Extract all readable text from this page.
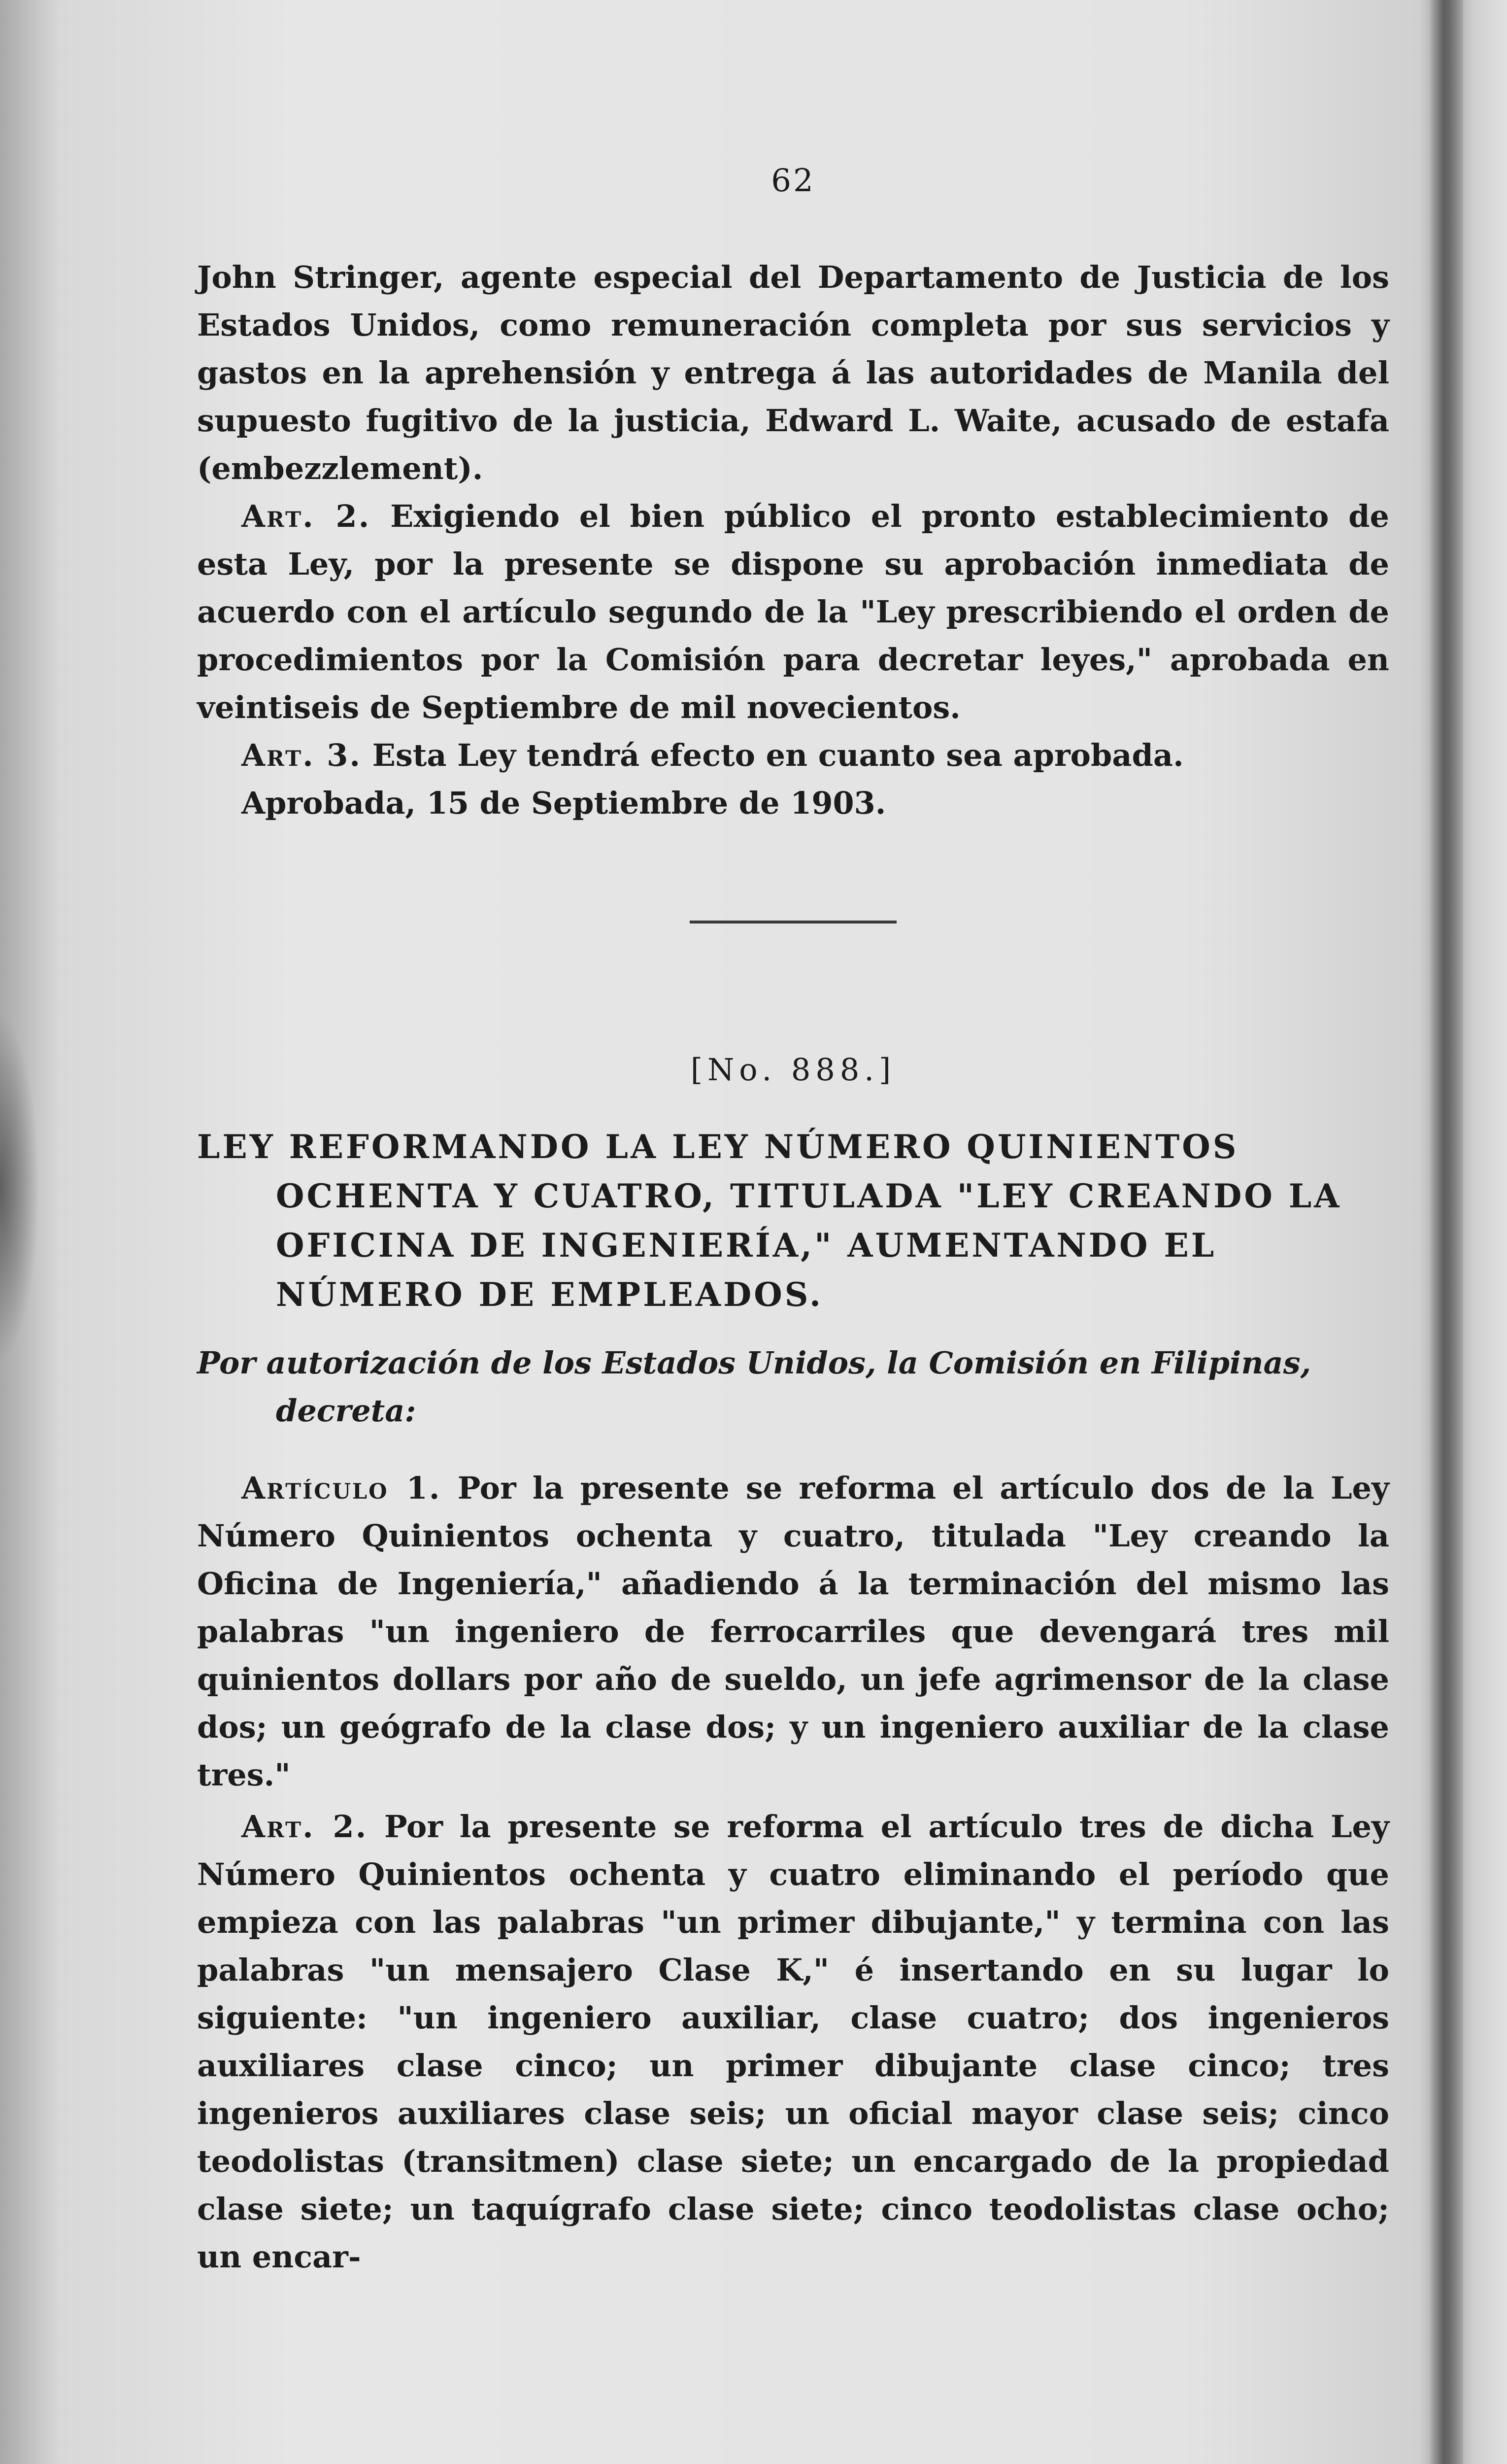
62

John Stringer, agente especial del Departamento de Justicia de los Estados Unidos, como remuneración completa por sus servicios y gastos en la aprehensión y entrega á las autoridades de Manila del supuesto fugitivo de la justicia, Edward L. Waite, acusado de estafa (embezzlement).

Art. 2. Exigiendo el bien público el pronto establecimiento de esta Ley, por la presente se dispone su aprobación inmediata de acuerdo con el artículo segundo de la "Ley prescribiendo el orden de procedimientos por la Comisión para decretar leyes," aprobada en veintiseis de Septiembre de mil novecientos.

Art. 3. Esta Ley tendrá efecto en cuanto sea aprobada.

Aprobada, 15 de Septiembre de 1903.

[No. 888.]
LEY REFORMANDO LA LEY NÚMERO QUINIENTOS
OCHENTA Y CUATRO, TITULADA "LEY CREANDO LA OFICINA DE INGENIERÍA," AUMENTANDO EL NÚMERO DE EMPLEADOS.
Por autorización de los Estados Unidos, la Comisión en Filipinas,
decreta:

Artículo 1. Por la presente se reforma el artículo dos de la Ley Número Quinientos ochenta y cuatro, titulada "Ley creando la Oficina de Ingeniería," añadiendo á la terminación del mismo las palabras "un ingeniero de ferrocarriles que devengará tres mil quinientos dollars por año de sueldo, un jefe agrimensor de la clase dos; un geógrafo de la clase dos; y un ingeniero auxiliar de la clase tres."

Art. 2. Por la presente se reforma el artículo tres de dicha Ley Número Quinientos ochenta y cuatro eliminando el período que empieza con las palabras "un primer dibujante," y termina con las palabras "un mensajero Clase K," é insertando en su lugar lo siguiente: "un ingeniero auxiliar, clase cuatro; dos ingenieros auxiliares clase cinco; un primer dibujante clase cinco; tres ingenieros auxiliares clase seis; un oficial mayor clase seis; cinco teodolistas (transitmen) clase siete; un encargado de la propiedad clase siete; un taquígrafo clase siete; cinco teodolistas clase ocho; un encar-
